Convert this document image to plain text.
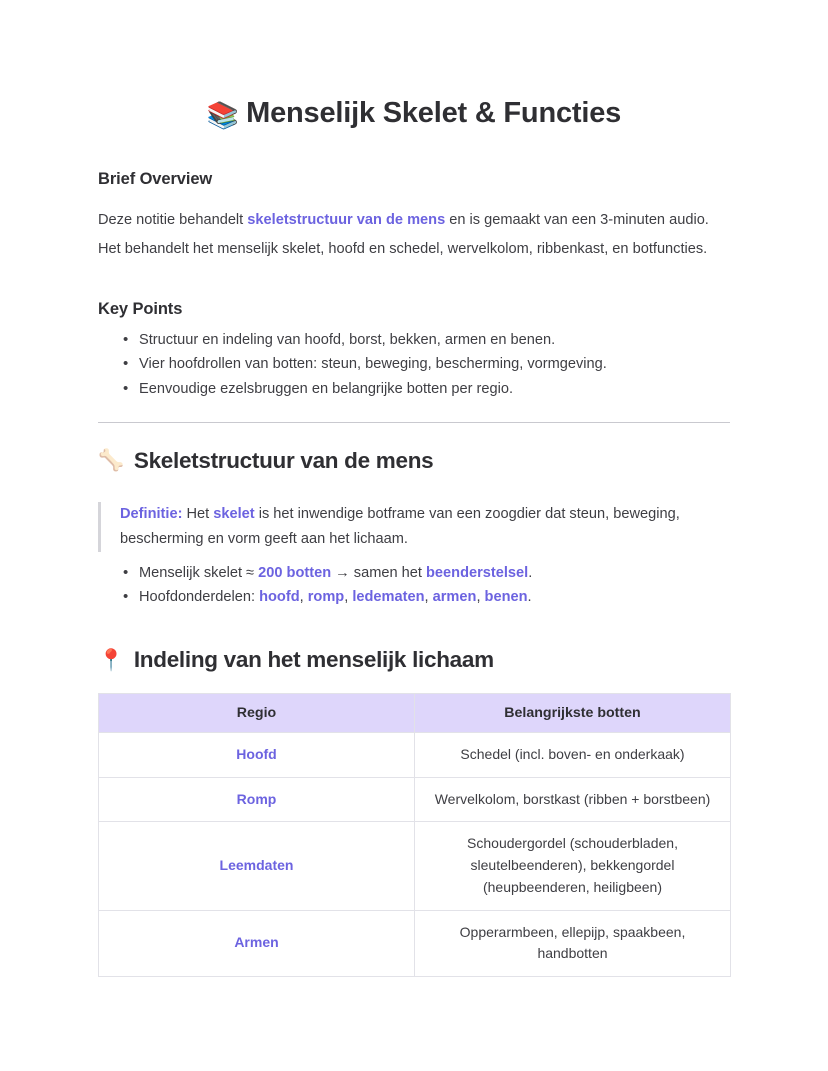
📚 Menselijk Skelet & Functies
Brief Overview

Deze notitie behandelt skeletstructuur van de mens en is gemaakt van een 3-minuten audio.

Het behandelt het menselijk skelet, hoofd en schedel, wervelkolom, ribbenkast, en botfuncties.

Key Points
• Structuur en indeling van hoofd, borst, bekken, armen en benen.
• Vier hoofdrollen van botten: steun, beweging, bescherming, vormgeving.
• Eenvoudige ezelsbruggen en belangrijke botten per regio.
🦴 Skeletstructuur van de mens
Definitie: Het skelet is het inwendige botframe van een zoogdier dat steun, beweging, bescherming en vorm geeft aan het lichaam.
• Menselijk skelet ≈ 200 botten → samen het beenderstelsel.
• Hoofdonderdelen: hoofd, romp, ledematen, armen, benen.
📍 Indeling van het menselijk lichaam
Regio	Belangrijkste botten
Hoofd	Schedel (incl. boven- en onderkaak)
Romp	Wervelkolom, borstkast (ribben + borstbeen)
Leemdaten	Schoudergordel (schouderbladen, sleutelbeenderen), bekkengordel (heupbeenderen, heiligbeen)
Armen	Opperarmbeen, ellepijp, spaakbeen, handbotten
